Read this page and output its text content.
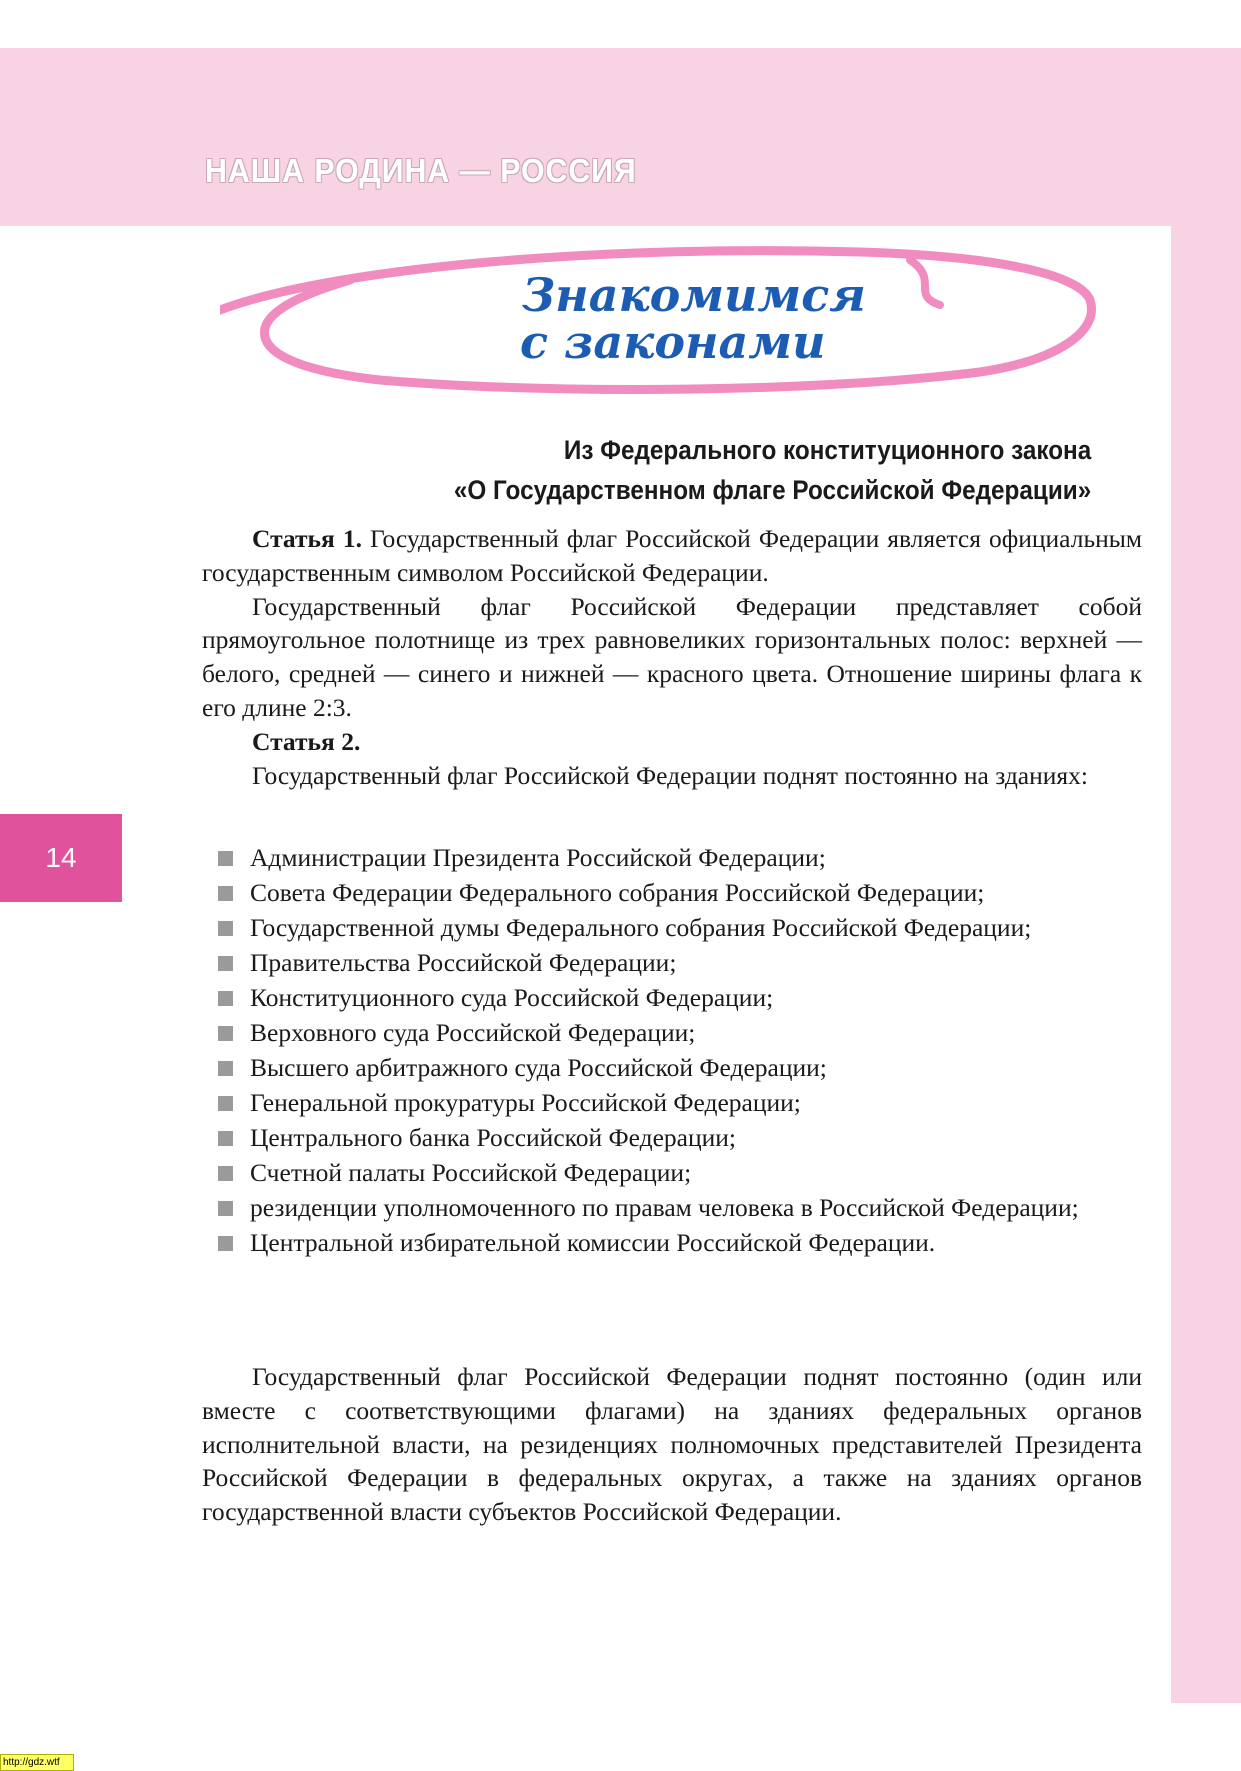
НАША РОДИНА — РОССИЯ
14
Знакомимся
с законами
Из Федерального конституционного закона
«О Государственном флаге Российской Федерации»

Статья 1. Государственный флаг Российской Федерации является официальным государственным символом Российской Федерации.

Государственный флаг Российской Федерации представляет собой прямоугольное полотнище из трех равновеликих горизонтальных полос: верхней — белого, средней — синего и нижней — красного цвета. Отношение ширины флага к его длине 2:3.

Статья 2.

Государственный флаг Российской Федерации поднят постоянно на зданиях:

Администрации Президента Российской Федерации;
Совета Федерации Федерального собрания Российской Федерации;
Государственной думы Федерального собрания Российской Федерации;
Правительства Российской Федерации;
Конституционного суда Российской Федерации;
Верховного суда Российской Федерации;
Высшего арбитражного суда Российской Федерации;
Генеральной прокуратуры Российской Федерации;
Центрального банка Российской Федерации;
Счетной палаты Российской Федерации;
резиденции уполномоченного по правам человека в Российской Федерации;
Центральной избирательной комиссии Российской Федерации.

Государственный флаг Российской Федерации поднят постоянно (один или вместе с соответствующими флагами) на зданиях федеральных органов исполнительной власти, на резиденциях полномочных представителей Президента Российской Федерации в федеральных округах, а также на зданиях органов государственной власти субъектов Российской Федерации.

http://gdz.wtf
